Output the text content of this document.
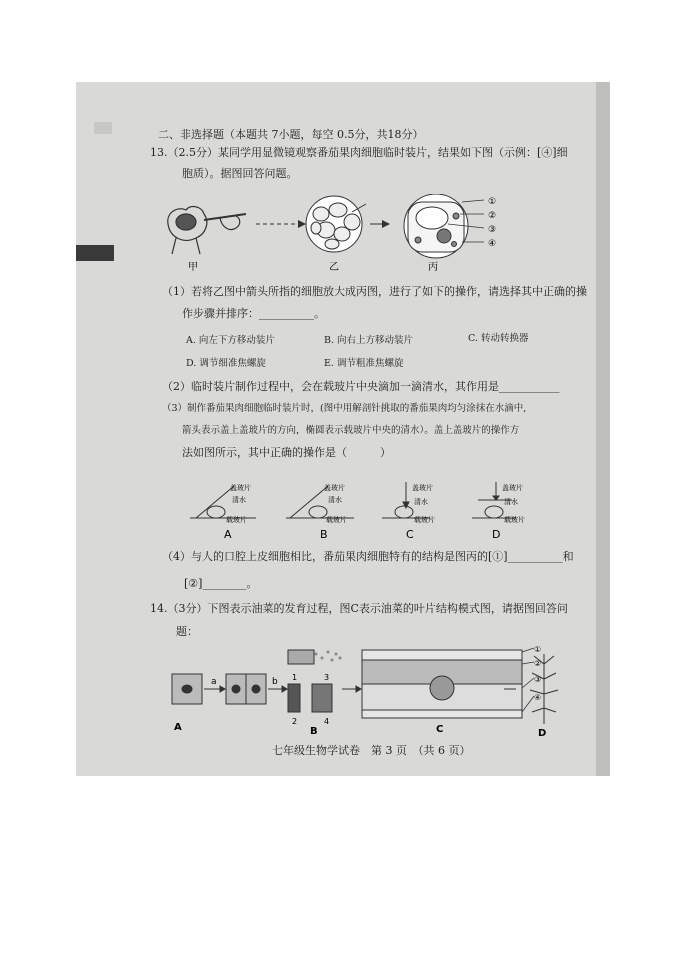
二、非选择题（本题共 7小题，每空 0.5分，共18分）
13.（2.5分）某同学用显微镜观察番茄果肉细胞临时装片，结果如下图（示例：[④]细
胞质）。据图回答问题。
①
②
③
④
甲	乙	丙
（1）若将乙图中箭头所指的细胞放大成丙图，进行了如下的操作，请选择其中正确的操
作步骤并排序：__________。
A. 向左下方移动装片	B. 向右上方移动装片	C. 转动转换器
D. 调节细准焦螺旋	E. 调节粗准焦螺旋
（2）临时装片制作过程中，会在载玻片中央滴加一滴清水，其作用是___________
（3）制作番茄果肉细胞临时装片时，(图中用解剖针挑取的番茄果肉均匀涂抹在水滴中,
箭头表示盖上盖玻片的方向，椭圆表示载玻片中央的清水）。盖上盖玻片的操作方
法如图所示，其中正确的操作是（　　　）
盖玻片
清水
载玻片
盖玻片
清水
载玻片
盖玻片
清水
载玻片
盖玻片
清水
载玻片
A	B	C	D
（4）与人的口腔上皮细胞相比，番茄果肉细胞特有的结构是图丙的[①]__________和
[②]________。
14.（3分）下图表示油菜的发育过程，图C表示油菜的叶片结构模式图，请据图回答问
题：
①
②
③
④
a	b 1
2
3
4
A	B	C	D
七年级生物学试卷　第 3 页　（共 6 页）
